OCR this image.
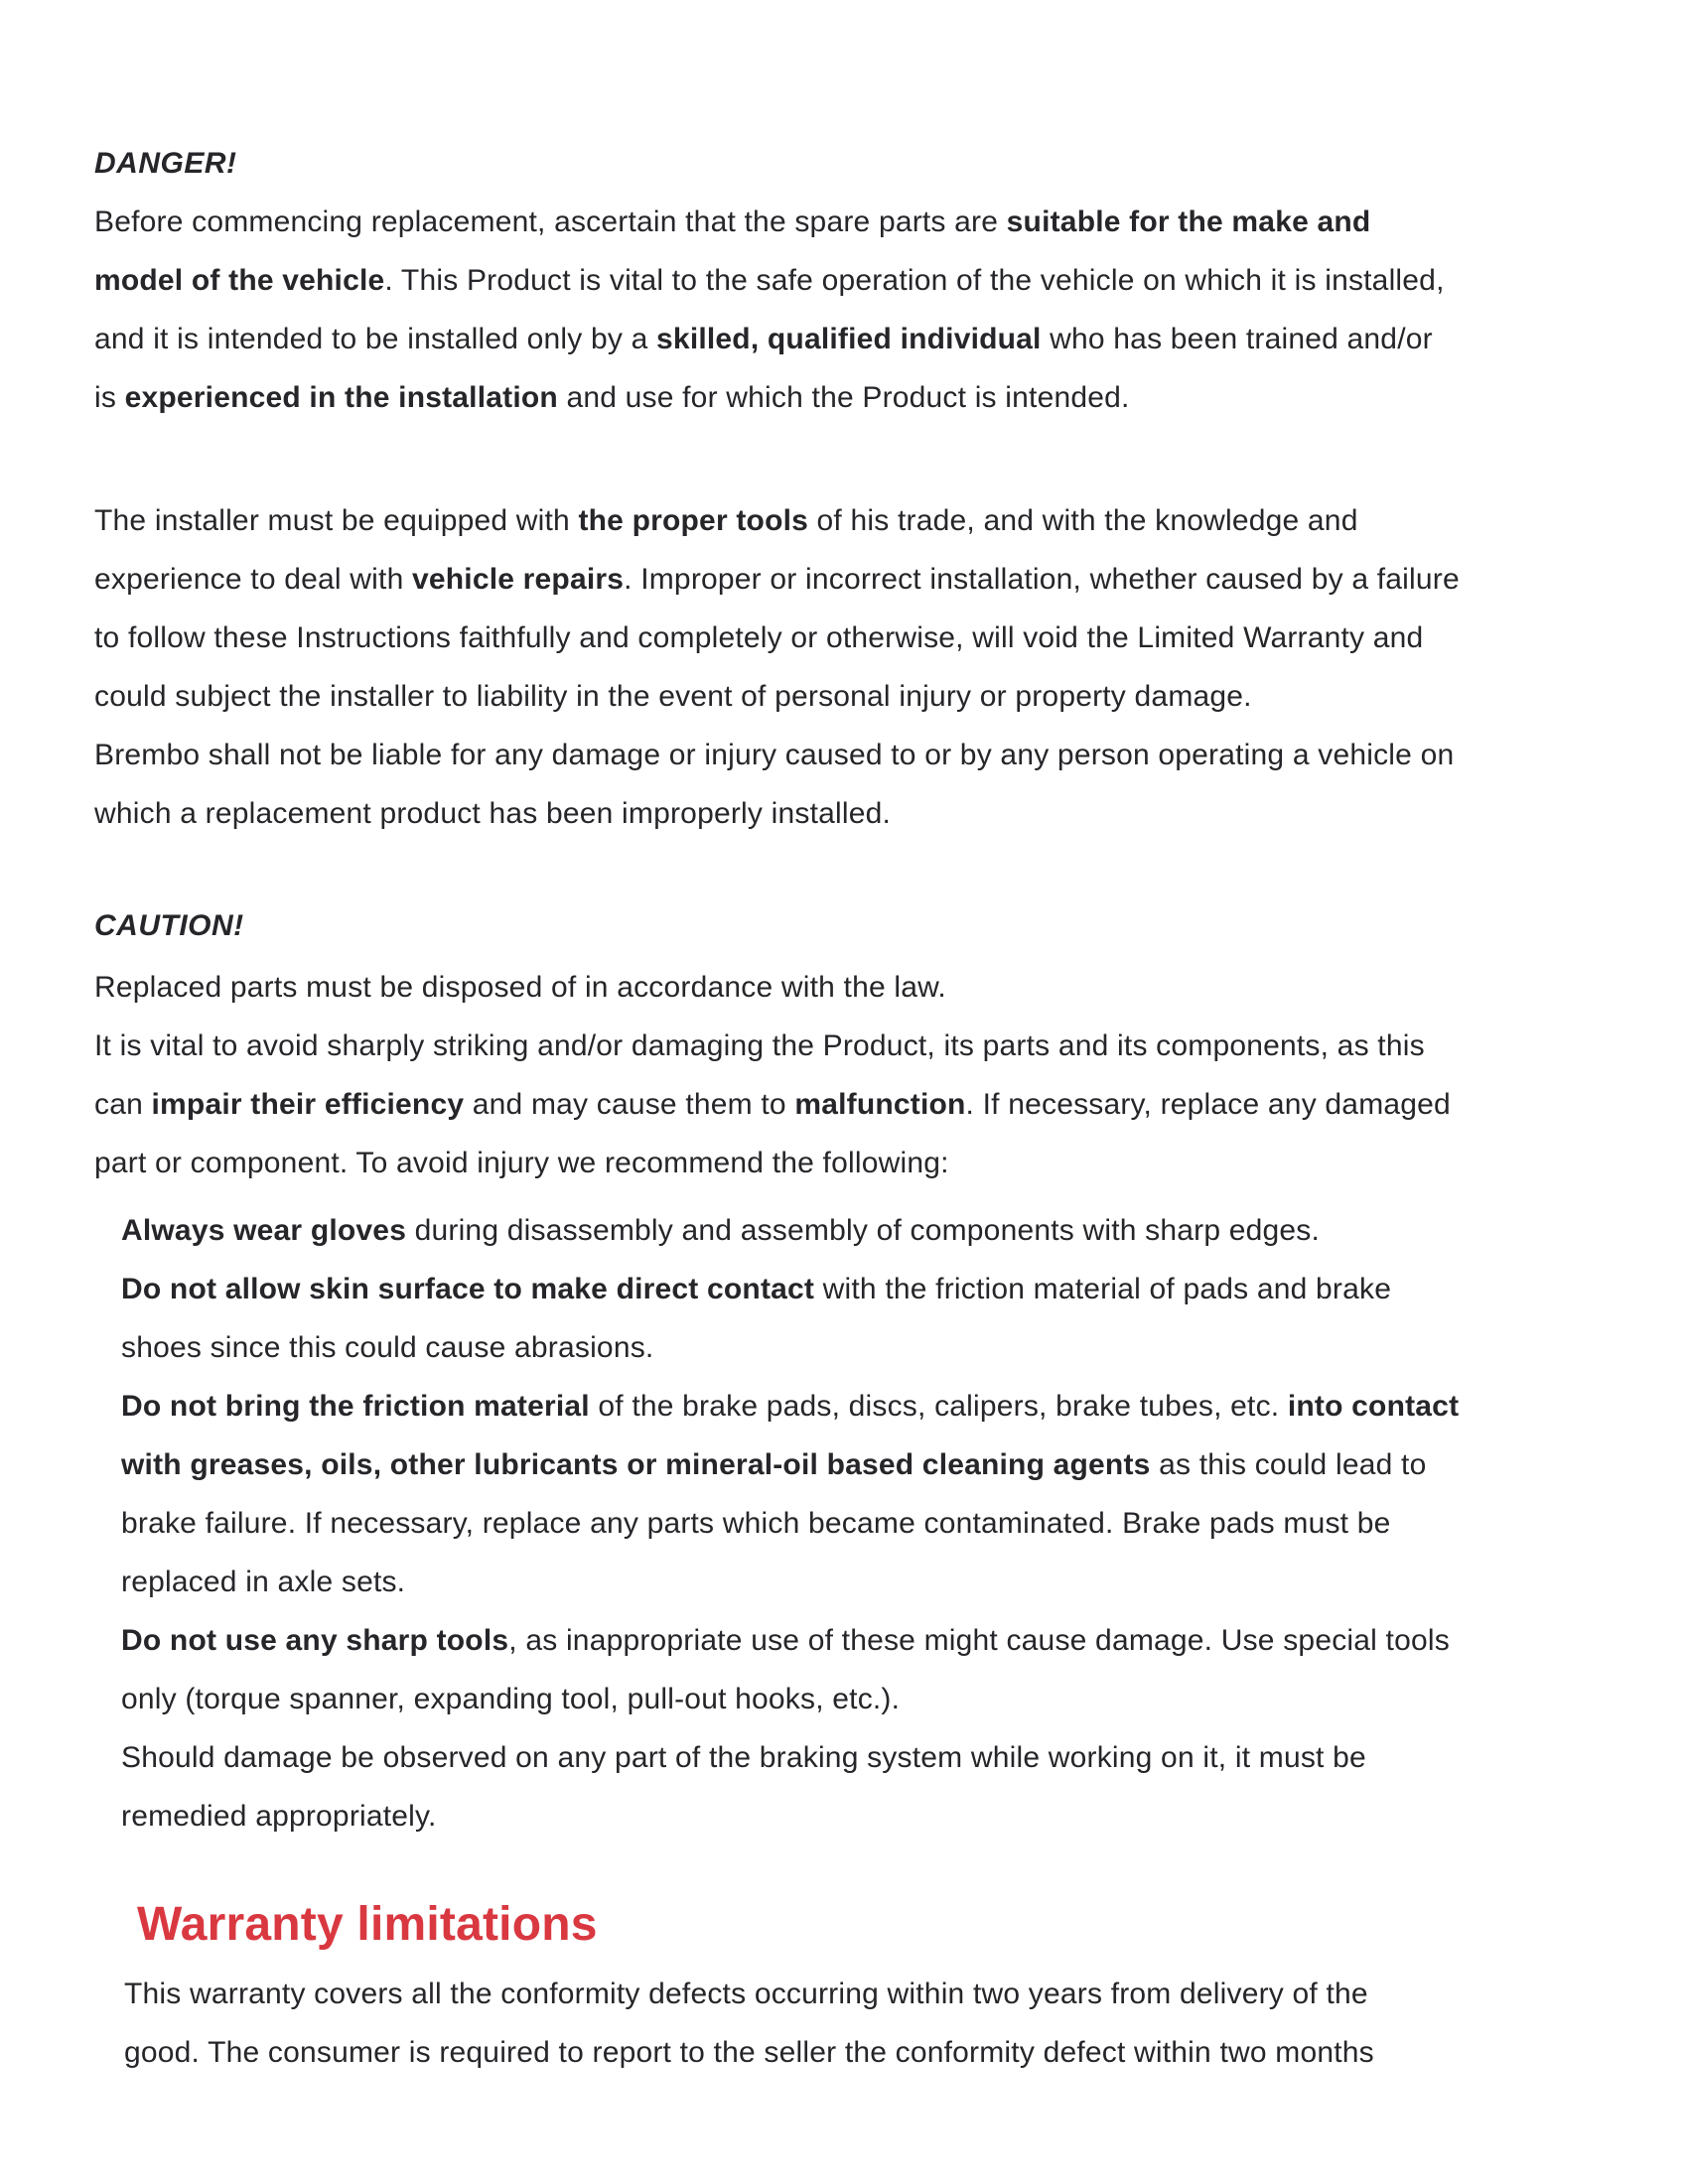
DANGER!
Before commencing replacement, ascertain that the spare parts are suitable for the make and
model of the vehicle. This Product is vital to the safe operation of the vehicle on which it is installed,
and it is intended to be installed only by a skilled, qualified individual who has been trained and/or
is experienced in the installation and use for which the Product is intended.
The installer must be equipped with the proper tools of his trade, and with the knowledge and
experience to deal with vehicle repairs. Improper or incorrect installation, whether caused by a failure
to follow these Instructions faithfully and completely or otherwise, will void the Limited Warranty and
could subject the installer to liability in the event of personal injury or property damage.
Brembo shall not be liable for any damage or injury caused to or by any person operating a vehicle on
which a replacement product has been improperly installed.
CAUTION!
Replaced parts must be disposed of in accordance with the law.
It is vital to avoid sharply striking and/or damaging the Product, its parts and its components, as this
can impair their efficiency and may cause them to malfunction. If necessary, replace any damaged
part or component. To avoid injury we recommend the following:
Always wear gloves during disassembly and assembly of components with sharp edges.
Do not allow skin surface to make direct contact with the friction material of pads and brake
shoes since this could cause abrasions.
Do not bring the friction material of the brake pads, discs, calipers, brake tubes, etc. into contact
with greases, oils, other lubricants or mineral-oil based cleaning agents as this could lead to
brake failure. If necessary, replace any parts which became contaminated. Brake pads must be
replaced in axle sets.
Do not use any sharp tools, as inappropriate use of these might cause damage. Use special tools
only (torque spanner, expanding tool, pull-out hooks, etc.).
Should damage be observed on any part of the braking system while working on it, it must be
remedied appropriately.
Warranty limitations
This warranty covers all the conformity defects occurring within two years from delivery of the
good. The consumer is required to report to the seller the conformity defect within two months
